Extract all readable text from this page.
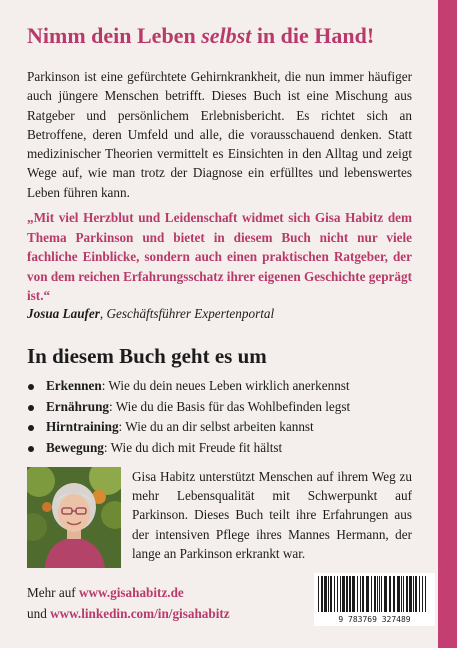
Nimm dein Leben selbst in die Hand!

Parkinson ist eine gefürchtete Gehirnkrankheit, die nun immer häufiger auch jüngere Menschen betrifft. Dieses Buch ist eine Mischung aus Ratgeber und persönlichem Erlebnisbericht. Es richtet sich an Betroffene, deren Umfeld und alle, die vorausschauend denken. Statt medizinischer Theorien vermittelt es Einsichten in den Alltag und zeigt Wege auf, wie man trotz der Diagnose ein erfülltes und lebenswertes Leben führen kann.

„Mit viel Herzblut und Leidenschaft widmet sich Gisa Habitz dem Thema Parkinson und bietet in diesem Buch nicht nur viele fachliche Einblicke, sondern auch einen praktischen Ratgeber, der von dem reichen Erfahrungsschatz ihrer eigenen Geschichte geprägt ist.“

Josua Laufer, Geschäftsführer Expertenportal

In diesem Buch geht es um
Erkennen: Wie du dein neues Leben wirklich anerkennst
Ernährung: Wie du die Basis für das Wohlbefinden legst
Hirntraining: Wie du an dir selbst arbeiten kannst
Bewegung: Wie du dich mit Freude fit hältst

Gisa Habitz unterstützt Menschen auf ihrem Weg zu mehr Lebensqualität mit Schwerpunkt auf Parkinson. Dieses Buch teilt ihre Erfahrungen aus der intensiven Pflege ihres Mannes Hermann, der lange an Parkinson erkrankt war.

Mehr auf www.gisahabitz.de
und www.linkedin.com/in/gisahabitz	9 783769 327489
